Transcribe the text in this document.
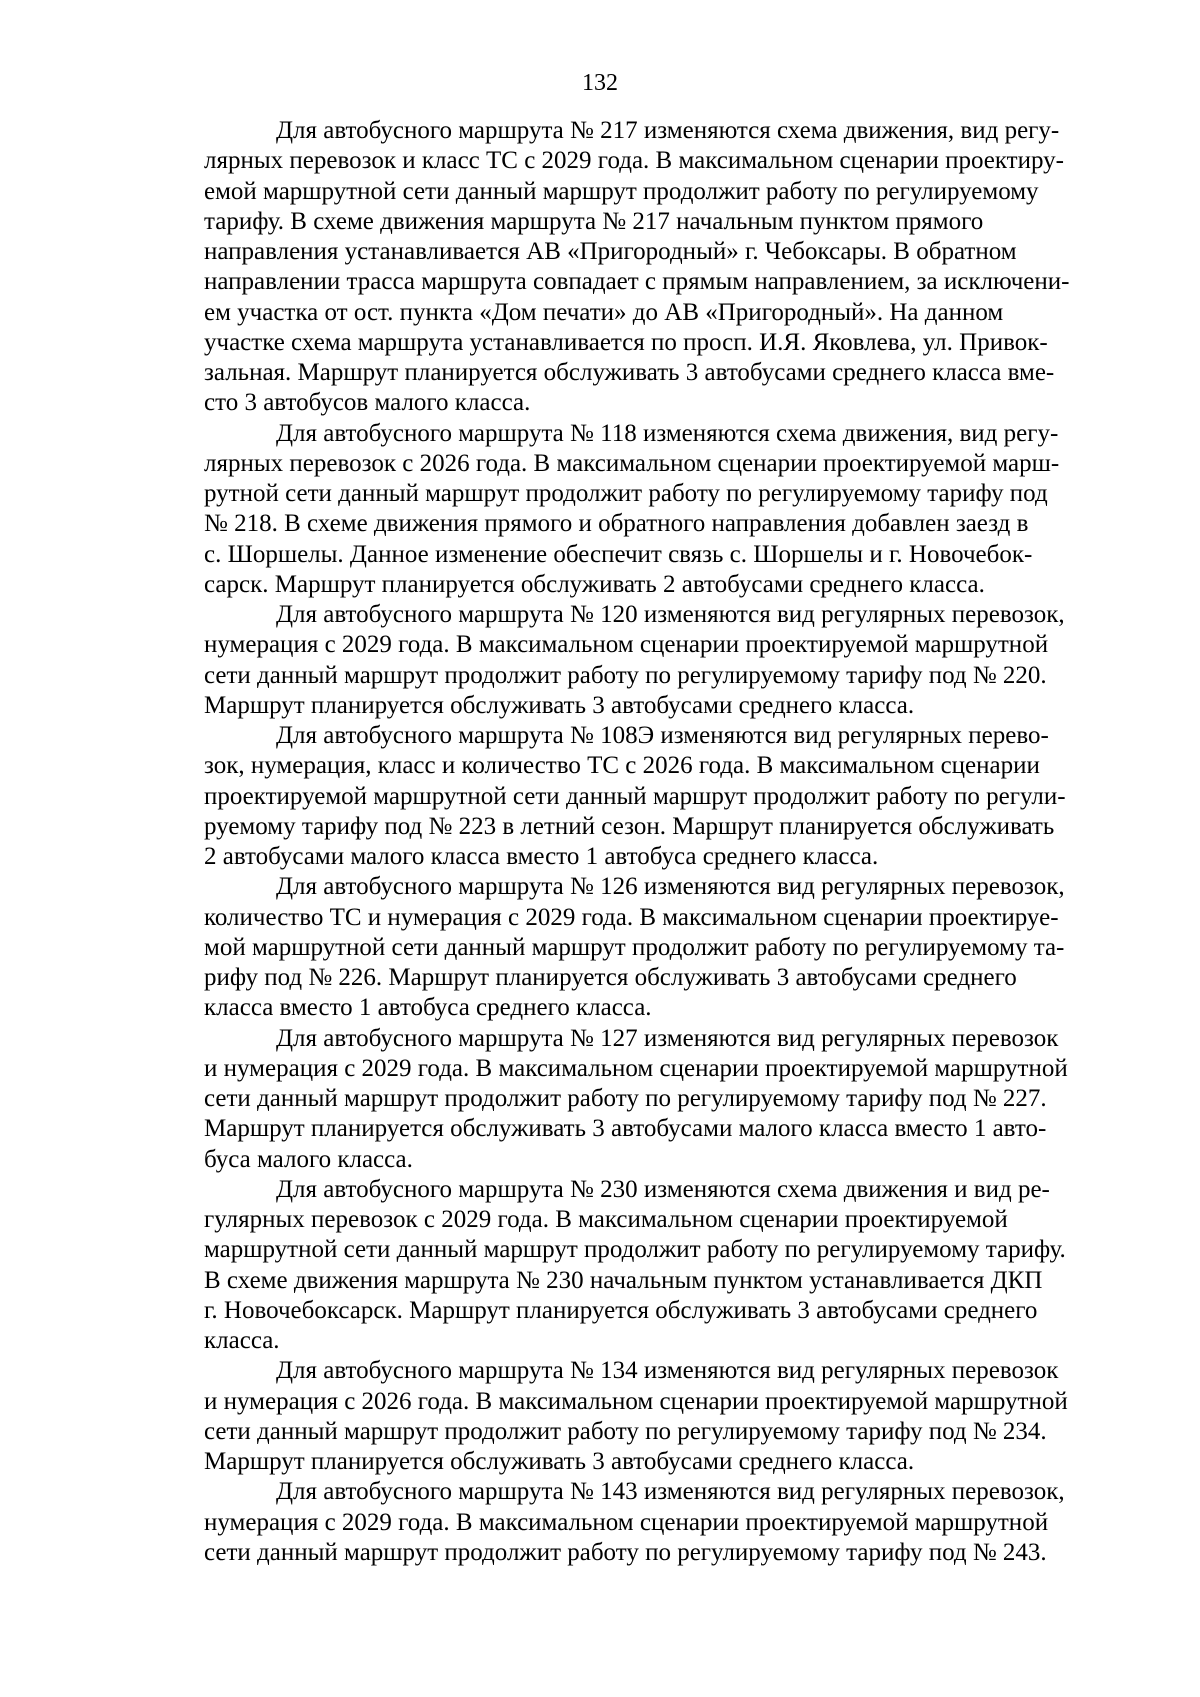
132

Для автобусного маршрута № 217 изменяются схема движения, вид регу-
лярных перевозок и класс ТС с 2029 года. В максимальном сценарии проектиру-
емой маршрутной сети данный маршрут продолжит работу по регулируемому
тарифу. В схеме движения маршрута № 217 начальным пунктом прямого
направления устанавливается АВ «Пригородный» г. Чебоксары. В обратном
направлении трасса маршрута совпадает с прямым направлением, за исключени-
ем участка от ост. пункта «Дом печати» до АВ «Пригородный». На данном
участке схема маршрута устанавливается по просп. И.Я. Яковлева, ул. Привок-
зальная. Маршрут планируется обслуживать 3 автобусами среднего класса вме-
сто 3 автобусов малого класса.

Для автобусного маршрута № 118 изменяются схема движения, вид регу-
лярных перевозок с 2026 года. В максимальном сценарии проектируемой марш-
рутной сети данный маршрут продолжит работу по регулируемому тарифу под
№ 218. В схеме движения прямого и обратного направления добавлен заезд в
с. Шоршелы. Данное изменение обеспечит связь с. Шоршелы и г. Новочебок-
сарск. Маршрут планируется обслуживать 2 автобусами среднего класса.

Для автобусного маршрута № 120 изменяются вид регулярных перевозок,
нумерация с 2029 года. В максимальном сценарии проектируемой маршрутной
сети данный маршрут продолжит работу по регулируемому тарифу под № 220.
Маршрут планируется обслуживать 3 автобусами среднего класса.

Для автобусного маршрута № 108Э изменяются вид регулярных перево-
зок, нумерация, класс и количество ТС с 2026 года. В максимальном сценарии
проектируемой маршрутной сети данный маршрут продолжит работу по регули-
руемому тарифу под № 223 в летний сезон. Маршрут планируется обслуживать
2 автобусами малого класса вместо 1 автобуса среднего класса.

Для автобусного маршрута № 126 изменяются вид регулярных перевозок,
количество ТС и нумерация с 2029 года. В максимальном сценарии проектируе-
мой маршрутной сети данный маршрут продолжит работу по регулируемому та-
рифу под № 226. Маршрут планируется обслуживать 3 автобусами среднего
класса вместо 1 автобуса среднего класса.

Для автобусного маршрута № 127 изменяются вид регулярных перевозок
и нумерация с 2029 года. В максимальном сценарии проектируемой маршрутной
сети данный маршрут продолжит работу по регулируемому тарифу под № 227.
Маршрут планируется обслуживать 3 автобусами малого класса вместо 1 авто-
буса малого класса.

Для автобусного маршрута № 230 изменяются схема движения и вид ре-
гулярных перевозок с 2029 года. В максимальном сценарии проектируемой
маршрутной сети данный маршрут продолжит работу по регулируемому тарифу.
В схеме движения маршрута № 230 начальным пунктом устанавливается ДКП
г. Новочебоксарск. Маршрут планируется обслуживать 3 автобусами среднего
класса.

Для автобусного маршрута № 134 изменяются вид регулярных перевозок
и нумерация с 2026 года. В максимальном сценарии проектируемой маршрутной
сети данный маршрут продолжит работу по регулируемому тарифу под № 234.
Маршрут планируется обслуживать 3 автобусами среднего класса.

Для автобусного маршрута № 143 изменяются вид регулярных перевозок,
нумерация с 2029 года. В максимальном сценарии проектируемой маршрутной
сети данный маршрут продолжит работу по регулируемому тарифу под № 243.
